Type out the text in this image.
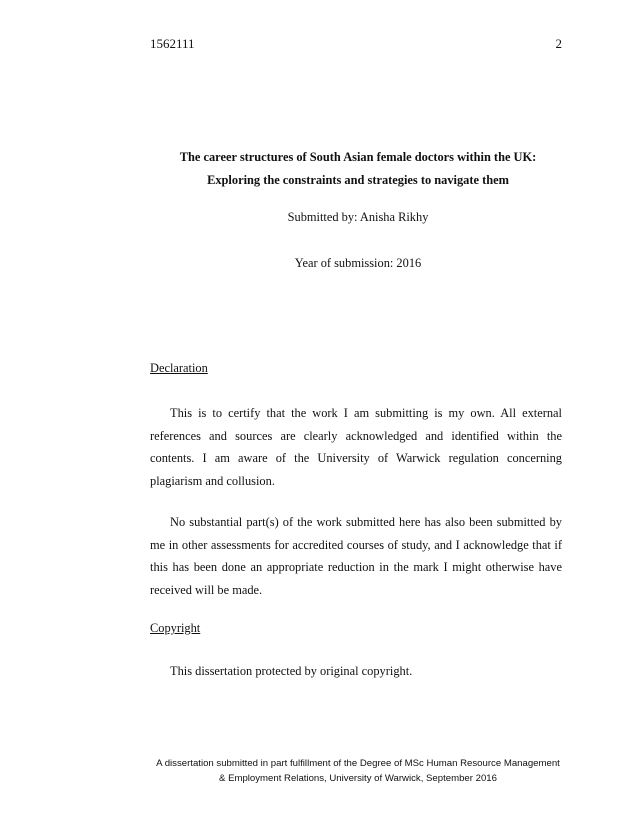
1562111	2
The career structures of South Asian female doctors within the UK:
Exploring the constraints and strategies to navigate them
Submitted by: Anisha Rikhy
Year of submission: 2016
Declaration
This is to certify that the work I am submitting is my own. All external references and sources are clearly acknowledged and identified within the contents. I am aware of the University of Warwick regulation concerning plagiarism and collusion.
No substantial part(s) of the work submitted here has also been submitted by me in other assessments for accredited courses of study, and I acknowledge that if this has been done an appropriate reduction in the mark I might otherwise have received will be made.
Copyright
This dissertation protected by original copyright.
A dissertation submitted in part fulfillment of the Degree of MSc Human Resource Management
& Employment Relations, University of Warwick, September 2016
